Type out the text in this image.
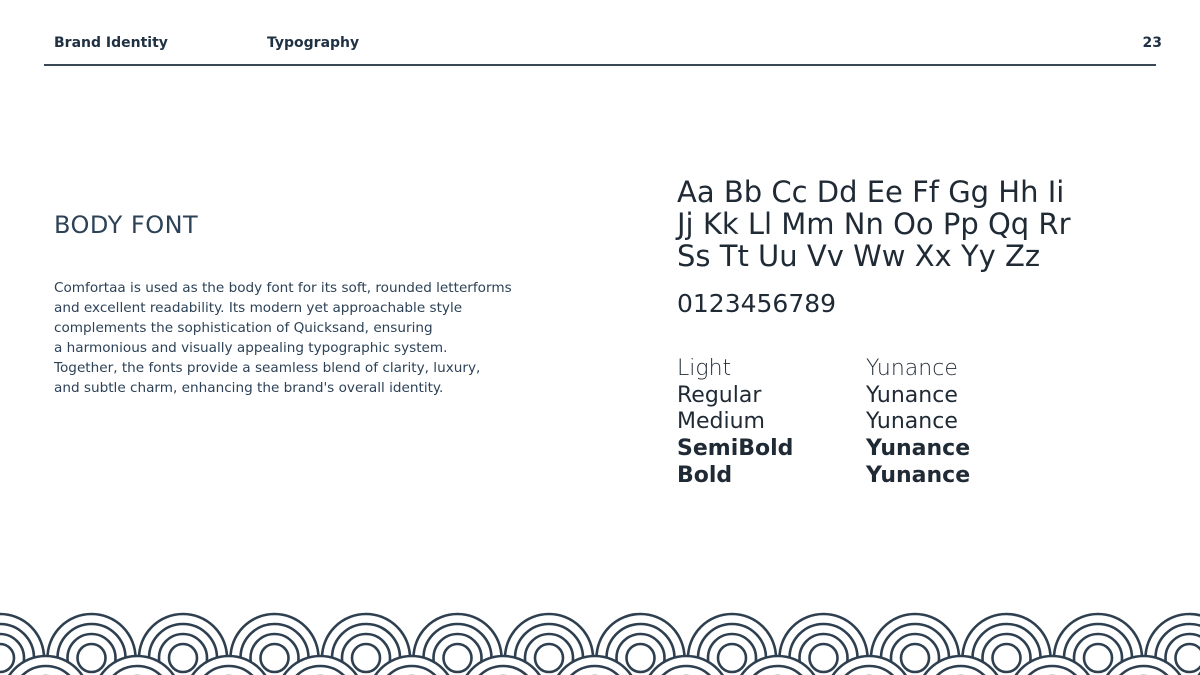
Brand Identity	Typography	23
BODY FONT
Comfortaa is used as the body font for its soft, rounded letterforms
and excellent readability. Its modern yet approachable style
complements the sophistication of Quicksand, ensuring
a harmonious and visually appealing typographic system.
Together, the fonts provide a seamless blend of clarity, luxury,
and subtle charm, enhancing the brand's overall identity.
Aa Bb Cc Dd Ee Ff Gg Hh Ii
Jj Kk Ll Mm Nn Oo Pp Qq Rr
Ss Tt Uu Vv Ww Xx Yy Zz
0123456789
Light	Yunance
Regular	Yunance
Medium	Yunance
SemiBold	Yunance
Bold	Yunance
